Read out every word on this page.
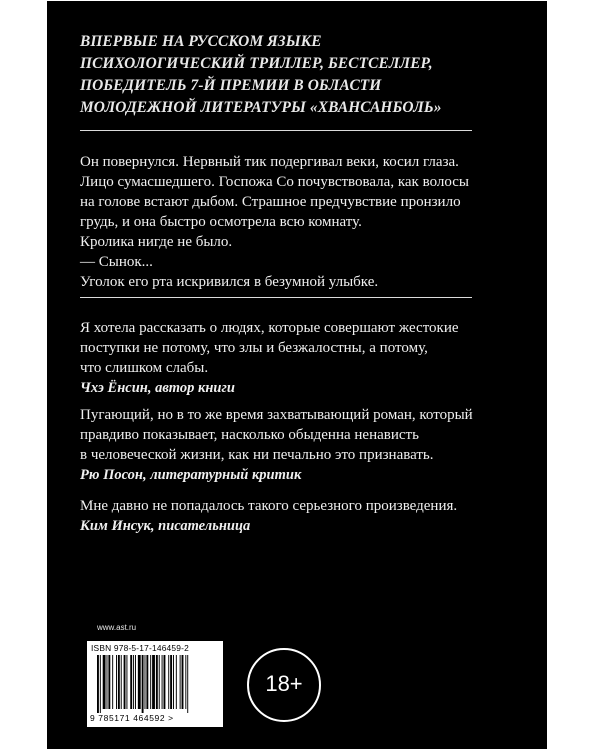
ВПЕРВЫЕ НА РУССКОМ ЯЗЫКЕ
ПСИХОЛОГИЧЕСКИЙ ТРИЛЛЕР, БЕСТСЕЛЛЕР,
ПОБЕДИТЕЛЬ 7-Й ПРЕМИИ В ОБЛАСТИ
МОЛОДЕЖНОЙ ЛИТЕРАТУРЫ «ХВАНСАНБОЛЬ»
Он повернулся. Нервный тик подергивал веки, косил глаза.
Лицо сумасшедшего. Госпожа Со почувствовала, как волосы
на голове встают дыбом. Страшное предчувствие пронзило
грудь, и она быстро осмотрела всю комнату.
Кролика нигде не было.
— Сынок...
Уголок его рта искривился в безумной улыбке.
Я хотела рассказать о людях, которые совершают жестокие
поступки не потому, что злы и безжалостны, а потому,
что слишком слабы.
Чхэ Ёнсин, автор книги
Пугающий, но в то же время захватывающий роман, который
правдиво показывает, насколько обыденна ненависть
в человеческой жизни, как ни печально это признавать.
Рю Посон, литературный критик
Мне давно не попадалось такого серьезного произведения.
Ким Инсук, писательница
www.ast.ru
ISBN 978-5-17-146459-2
9 785171 464592 >
18+
